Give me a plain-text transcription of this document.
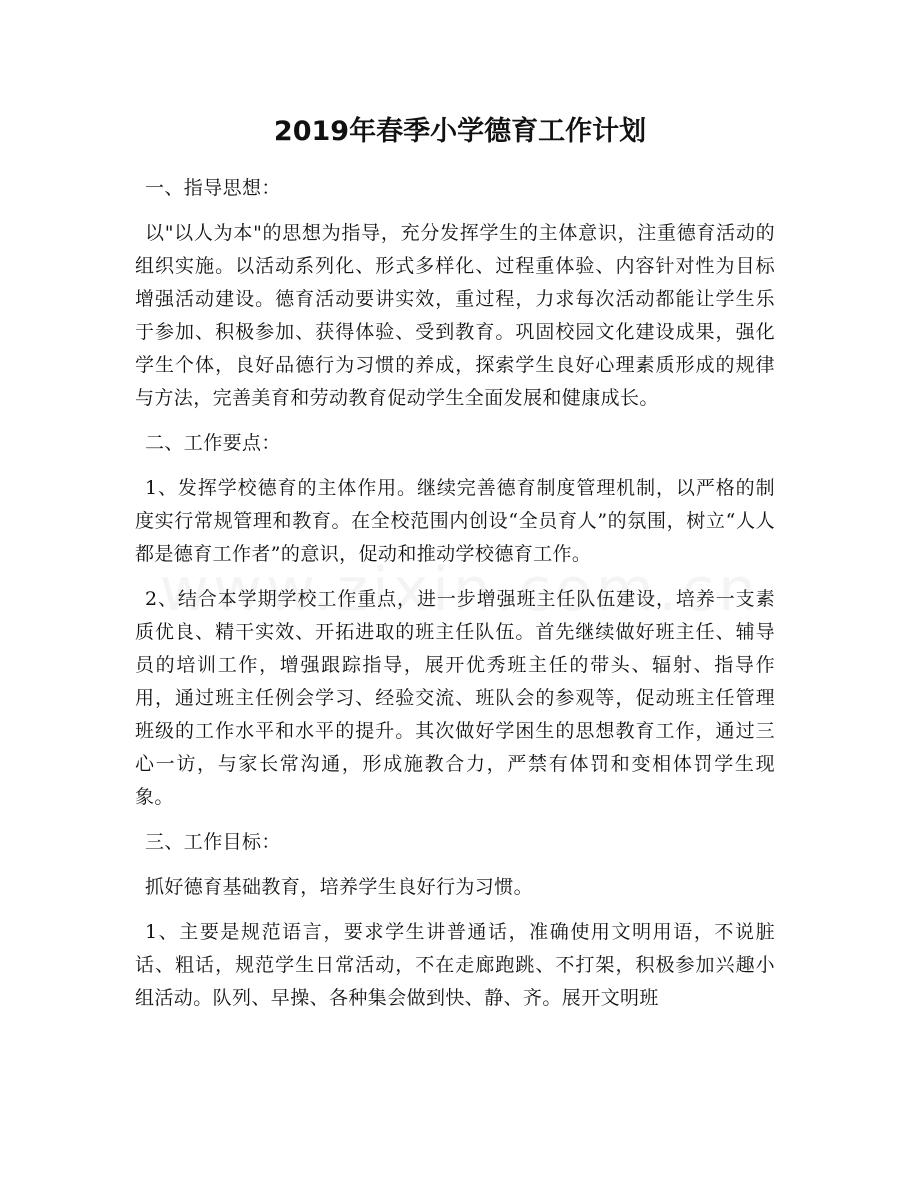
2019年春季小学德育工作计划

一、指导思想：

以"以人为本"的思想为指导，充分发挥学生的主体意识，注重德育活动的组织实施。以活动系列化、形式多样化、过程重体验、内容针对性为目标增强活动建设。德育活动要讲实效，重过程，力求每次活动都能让学生乐于参加、积极参加、获得体验、受到教育。巩固校园文化建设成果，强化学生个体，良好品德行为习惯的养成，探索学生良好心理素质形成的规律与方法，完善美育和劳动教育促动学生全面发展和健康成长。

二、工作要点：

1、发挥学校德育的主体作用。继续完善德育制度管理机制，以严格的制度实行常规管理和教育。在全校范围内创设“全员育人”的氛围，树立“人人都是德育工作者”的意识，促动和推动学校德育工作。

2、结合本学期学校工作重点，进一步增强班主任队伍建设，培养一支素质优良、精干实效、开拓进取的班主任队伍。首先继续做好班主任、辅导员的培训工作，增强跟踪指导，展开优秀班主任的带头、辐射、指导作用，通过班主任例会学习、经验交流、班队会的参观等，促动班主任管理班级的工作水平和水平的提升。其次做好学困生的思想教育工作，通过三心一访，与家长常沟通，形成施教合力，严禁有体罚和变相体罚学生现象。

三、工作目标：

抓好德育基础教育，培养学生良好行为习惯。

1、主要是规范语言，要求学生讲普通话，准确使用文明用语，不说脏话、粗话，规范学生日常活动，不在走廊跑跳、不打架，积极参加兴趣小组活动。队列、早操、各种集会做到快、静、齐。展开文明班
